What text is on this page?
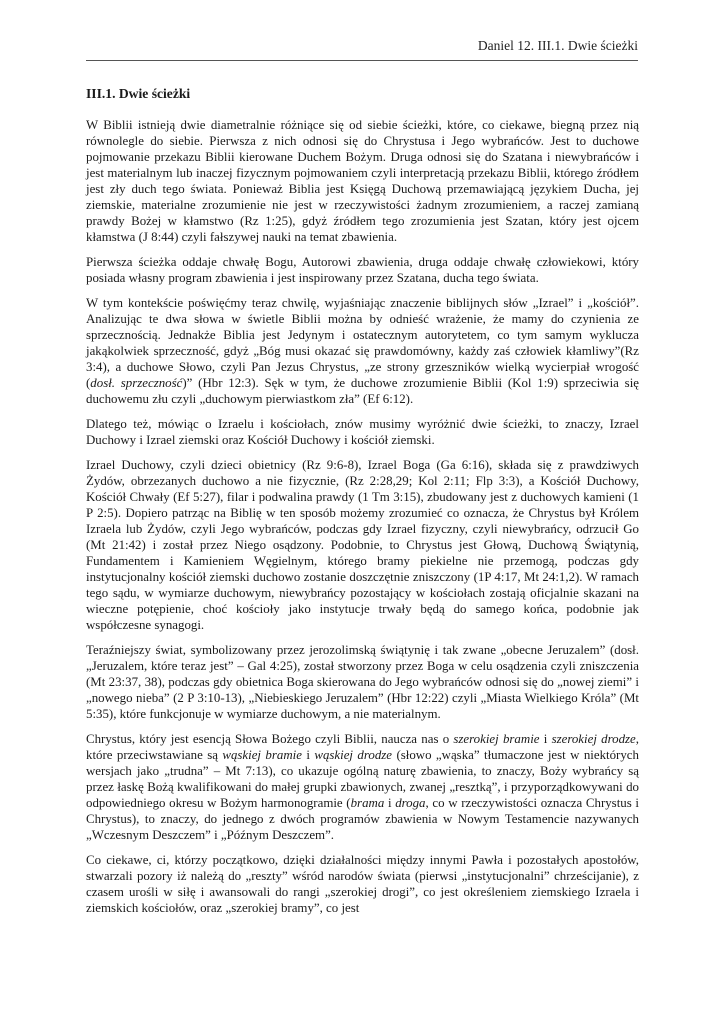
Daniel 12. III.1. Dwie ścieżki
III.1. Dwie ścieżki

W Biblii istnieją dwie diametralnie różniące się od siebie ścieżki, które, co ciekawe, biegną przez nią równolegle do siebie. Pierwsza z nich odnosi się do Chrystusa i Jego wybrańców. Jest to duchowe pojmowanie przekazu Biblii kierowane Duchem Bożym. Druga odnosi się do Szatana i niewybrańców i jest materialnym lub inaczej fizycznym pojmowaniem czyli interpretacją przekazu Biblii, którego źródłem jest zły duch tego świata. Ponieważ Biblia jest Księgą Duchową przemawiającą językiem Ducha, jej ziemskie, materialne zrozumienie nie jest w rzeczywistości żadnym zrozumieniem, a raczej zamianą prawdy Bożej w kłamstwo (Rz 1:25), gdyż źródłem tego zrozumienia jest Szatan, który jest ojcem kłamstwa (J 8:44) czyli fałszywej nauki na temat zbawienia.

Pierwsza ścieżka oddaje chwałę Bogu, Autorowi zbawienia, druga oddaje chwałę człowiekowi, który posiada własny program zbawienia i jest inspirowany przez Szatana, ducha tego świata.

W tym kontekście poświęćmy teraz chwilę, wyjaśniając znaczenie biblijnych słów „Izrael” i „kościół”. Analizując te dwa słowa w świetle Biblii można by odnieść wrażenie, że mamy do czynienia ze sprzecznością. Jednakże Biblia jest Jedynym i ostatecznym autorytetem, co tym samym wyklucza jakąkolwiek sprzeczność, gdyż „Bóg musi okazać się prawdomówny, każdy zaś człowiek kłamliwy”(Rz 3:4), a duchowe Słowo, czyli Pan Jezus Chrystus, „ze strony grzeszników wielką wycierpiał wrogość (dosł. sprzeczność)” (Hbr 12:3). Sęk w tym, że duchowe zrozumienie Biblii (Kol 1:9) sprzeciwia się duchowemu złu czyli „duchowym pierwiastkom zła” (Ef 6:12).

Dlatego też, mówiąc o Izraelu i kościołach, znów musimy wyróżnić dwie ścieżki, to znaczy, Izrael Duchowy i Izrael ziemski oraz Kościół Duchowy i kościół ziemski.

Izrael Duchowy, czyli dzieci obietnicy (Rz 9:6-8), Izrael Boga (Ga 6:16), składa się z prawdziwych Żydów, obrzezanych duchowo a nie fizycznie, (Rz 2:28,29; Kol 2:11; Flp 3:3), a Kościół Duchowy, Kościół Chwały (Ef 5:27), filar i podwalina prawdy (1 Tm 3:15), zbudowany jest z duchowych kamieni (1 P 2:5). Dopiero patrząc na Biblię w ten sposób możemy zrozumieć co oznacza, że Chrystus był Królem Izraela lub Żydów, czyli Jego wybrańców, podczas gdy Izrael fizyczny, czyli niewybrańcy, odrzucił Go (Mt 21:42) i został przez Niego osądzony. Podobnie, to Chrystus jest Głową, Duchową Świątynią, Fundamentem i Kamieniem Węgielnym, którego bramy piekielne nie przemogą, podczas gdy instytucjonalny kościół ziemski duchowo zostanie doszczętnie zniszczony (1P 4:17, Mt 24:1,2). W ramach tego sądu, w wymiarze duchowym, niewybrańcy pozostający w kościołach zostają oficjalnie skazani na wieczne potępienie, choć kościoły jako instytucje trwały będą do samego końca, podobnie jak współczesne synagogi.

Teraźniejszy świat, symbolizowany przez jerozolimską świątynię i tak zwane „obecne Jeruzalem” (dosł. „Jeruzalem, które teraz jest” – Gal 4:25), został stworzony przez Boga w celu osądzenia czyli zniszczenia (Mt 23:37, 38), podczas gdy obietnica Boga skierowana do Jego wybrańców odnosi się do „nowej ziemi” i „nowego nieba” (2 P 3:10-13), „Niebieskiego Jeruzalem” (Hbr 12:22) czyli „Miasta Wielkiego Króla” (Mt 5:35), które funkcjonuje w wymiarze duchowym, a nie materialnym.

Chrystus, który jest esencją Słowa Bożego czyli Biblii, naucza nas o szerokiej bramie i szerokiej drodze, które przeciwstawiane są wąskiej bramie i wąskiej drodze (słowo „wąska” tłumaczone jest w niektórych wersjach jako „trudna” – Mt 7:13), co ukazuje ogólną naturę zbawienia, to znaczy, Boży wybrańcy są przez łaskę Bożą kwalifikowani do małej grupki zbawionych, zwanej „resztką”, i przyporządkowywani do odpowiedniego okresu w Bożym harmonogramie (brama i droga, co w rzeczywistości oznacza Chrystus i Chrystus), to znaczy, do jednego z dwóch programów zbawienia w Nowym Testamencie nazywanych „Wczesnym Deszczem” i „Późnym Deszczem”.

Co ciekawe, ci, którzy początkowo, dzięki działalności między innymi Pawła i pozostałych apostołów, stwarzali pozory iż należą do „reszty” wśród narodów świata (pierwsi „instytucjonalni” chrześcijanie), z czasem urośli w siłę i awansowali do rangi „szerokiej drogi”, co jest określeniem ziemskiego Izraela i ziemskich kościołów, oraz „szerokiej bramy”, co jest
